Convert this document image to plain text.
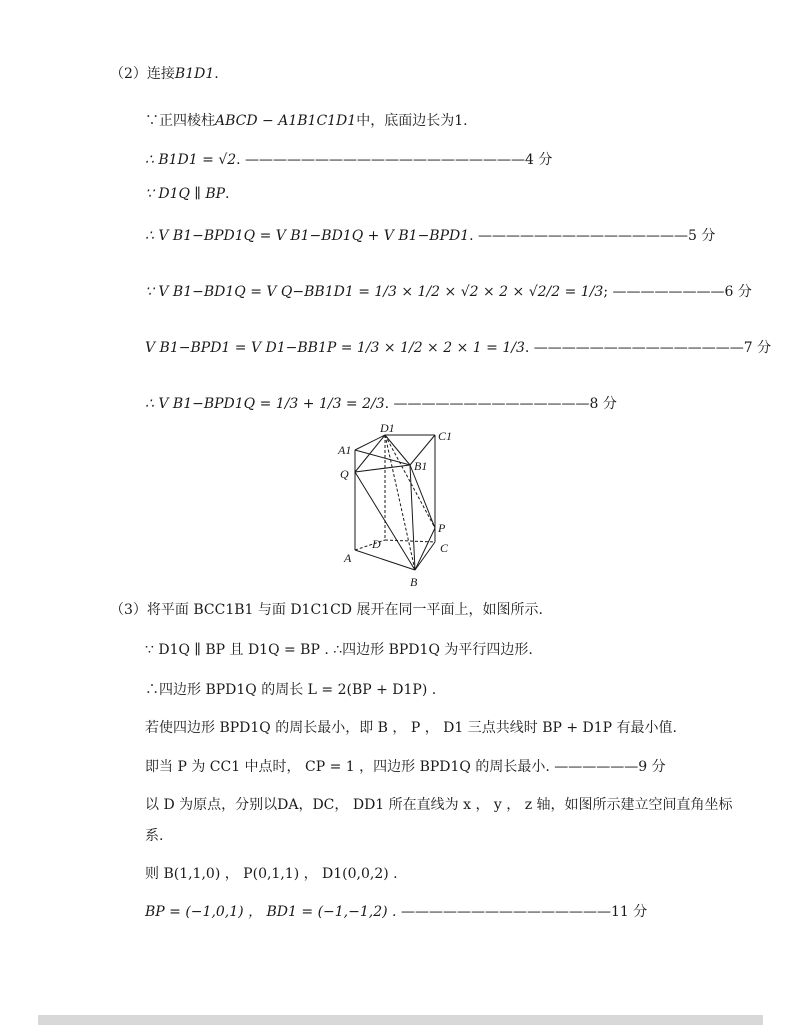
（2）连接B1D1.
∵正四棱柱ABCD − A1B1C1D1中，底面边长为1.
∴ B1D1 = √2. ————————————————————4 分
∵ D1Q ∥ BP.
∴ V B1−BPD1Q = V B1−BD1Q + V B1−BPD1. ———————————————5 分
∵ V B1−BD1Q = V Q−BB1D1 = 1/3 × 1/2 × √2 × 2 × √2/2 = 1/3; ————————6 分
V B1−BPD1 = V D1−BB1P = 1/3 × 1/2 × 2 × 1 = 1/3. ———————————————7 分
∴ V B1−BPD1Q = 1/3 + 1/3 = 2/3. ——————————————8 分
D1
A1
C1
Q
B1
P
D
A
C
B
（3）将平面 BCC1B1 与面 D1C1CD 展开在同一平面上，如图所示.
∵ D1Q ∥ BP 且 D1Q = BP . ∴四边形 BPD1Q 为平行四边形.
∴四边形 BPD1Q 的周长 L = 2(BP + D1P) .
若使四边形 BPD1Q 的周长最小，即 B ， P ， D1 三点共线时 BP + D1P 有最小值.
即当 P 为 CC1 中点时， CP = 1 ，四边形 BPD1Q 的周长最小. ——————9 分
以 D 为原点，分别以DA，DC， DD1 所在直线为 x ， y ， z 轴，如图所示建立空间直角坐标
系.
则 B(1,1,0) ， P(0,1,1) ， D1(0,0,2) .
BP = (−1,0,1) ， BD1 = (−1,−1,2) . ———————————————11 分
